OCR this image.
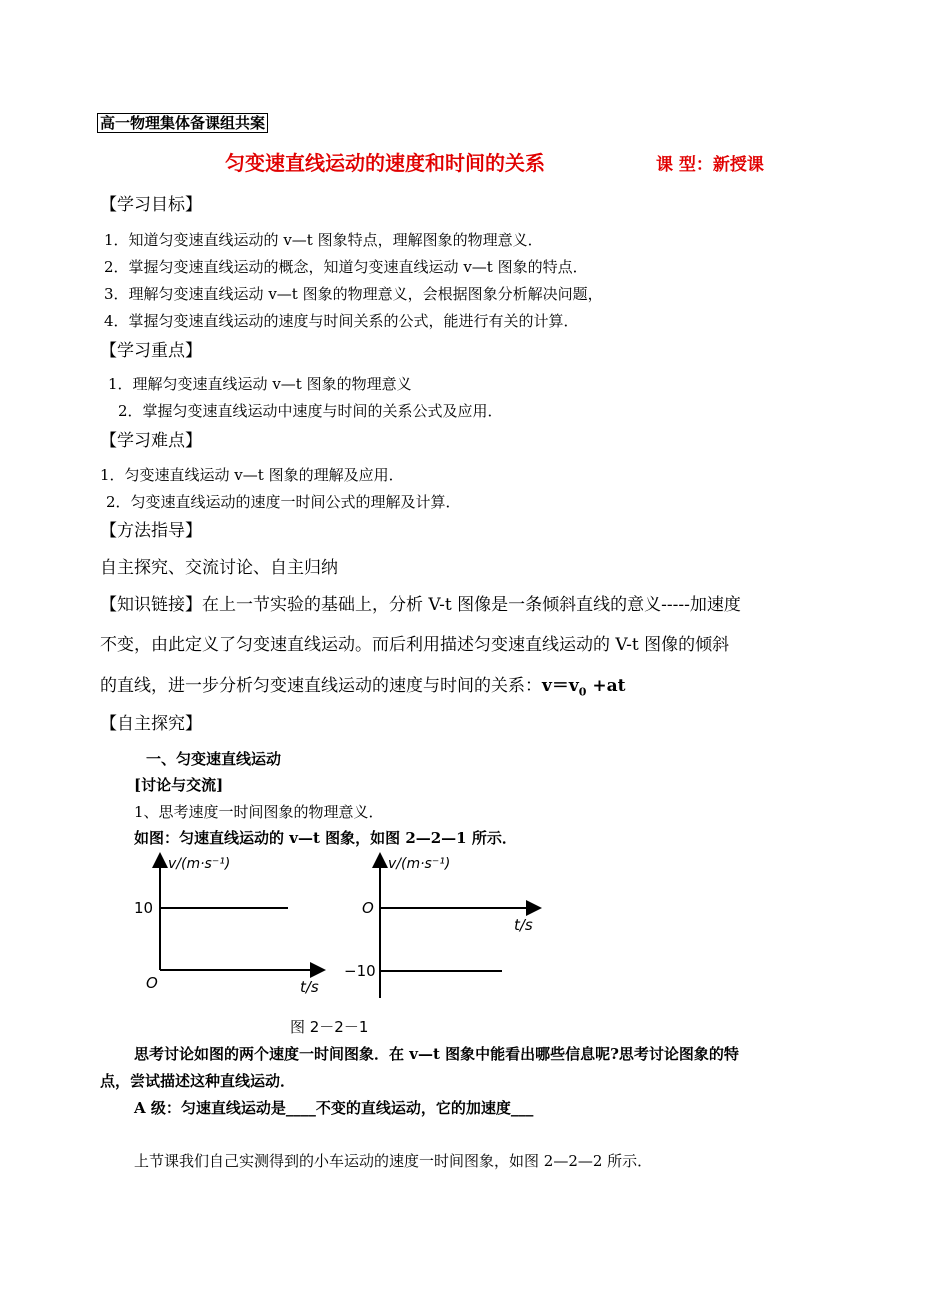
高一物理集体备课组共案
匀变速直线运动的速度和时间的关系	课 型：新授课
【学习目标】
1．知道匀变速直线运动的 v—t 图象特点，理解图象的物理意义．
2．掌握匀变速直线运动的概念，知道匀变速直线运动 v—t 图象的特点．
3．理解匀变速直线运动 v—t 图象的物理意义，会根据图象分析解决问题，
4．掌握匀变速直线运动的速度与时间关系的公式，能进行有关的计算．
【学习重点】
1．理解匀变速直线运动 v—t 图象的物理意义
2．掌握匀变速直线运动中速度与时间的关系公式及应用．
【学习难点】
1．匀变速直线运动 v—t 图象的理解及应用．
2．匀变速直线运动的速度一时间公式的理解及计算．
【方法指导】
自主探究、交流讨论、自主归纳
【知识链接】在上一节实验的基础上，分析 V-t 图像是一条倾斜直线的意义-----加速度
不变，由此定义了匀变速直线运动。而后利用描述匀变速直线运动的 V-t 图像的倾斜
的直线，进一步分析匀变速直线运动的速度与时间的关系：$v=v_0 +at$
【自主探究】
一、匀变速直线运动
[讨论与交流]
1、思考速度一时间图象的物理意义．
如图：匀速直线运动的 v—t 图象，如图 2—2—1 所示．
v/(m·s⁻¹)
10
O	t/s
v/(m·s⁻¹)
O
t/s
−10
图 2－2－1
思考讨论如图的两个速度一时间图象．在 v—t 图象中能看出哪些信息呢?思考讨论图象的特
点，尝试描述这种直线运动．
A 级：匀速直线运动是____不变的直线运动，它的加速度___
上节课我们自己实测得到的小车运动的速度一时间图象，如图 2—2—2 所示．
